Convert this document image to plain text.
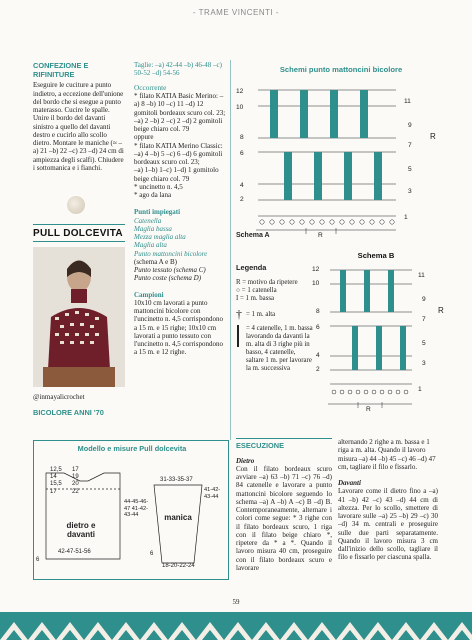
- TRAME VINCENTI -
CONFEZIONE E RIFINITURE

Eseguire le cuciture a punto indietro, a eccezione dell'unione del bordo che si esegue a punto materasso. Cucire le spalle. Unire il bordo del davanti sinistro a quello del davanti destro e cucirlo allo scollo dietro. Montare le maniche (≈ –a) 21 –b) 22 –c) 23 –d) 24 cm di ampiezza degli scalfi). Chiudere i sottomanica e i fianchi.

PULL DOLCEVITA
@inmayalicrochet
BICOLORE ANNI '70

Taglie: –a) 42-44 –b) 46-48 –c) 50-52 –d) 54-56

Occorrente

* filato KATIA Basic Merino: –a) 8 –b) 10 –c) 11 –d) 12 gomitoli bordeaux scuro col. 23;

–a) 2 –b) 2 –c) 2 –d) 2 gomitoli beige chiaro col. 79

oppure

* filato KATIA Merino Classic: –a) 4 –b) 5 –c) 6 –d) 6 gomitoli bordeaux scuro col. 23;

–a) 1–b) 1–c) 1–d) 1 gomitolo beige chiaro col. 79

* uncinetto n. 4,5

* ago da lana

Punti impiegati

Catenella

Maglia bassa

Mezza maglia alta

Maglia alta

Punto mattoncini bicolore

(schema A e B)

Punto tessuto (schema C)

Punto coste (schema D)

Campioni

10x10 cm lavorati a punto mattoncini bicolore con l'uncinetto n. 4,5 corrispondono a 15 m. e 15 righe; 10x10 cm lavorati a punto tessuto con l'uncinetto n. 4,5 corrispondono a 15 m. e 12 righe.

Schemi punto mattoncini bicolore
12
10
8
6
4
2
11
9
7
5
3
1
R
R
Schema A
Legenda
R = motivo da ripetere
○ = 1 catenella
I = 1 m. bassa
† = 1 m. alta
= 4 catenelle, 1 m. bassa lavorando da davanti la m. alta di 3 righe più in basso, 4 catenelle, saltare 1 m. per lavorare la m. successiva
Schema B
12
10
8
6
4
2
11
9
7
5
3
1
R
R
Modello e misure Pull dolcevita
12,5
14
15,5
17
17
19
20
22
44-45-46-47 41-42-43-44
dietro e davanti
42-47-51-56
6
31-33-35-37
manica
41-42-43-44
18-20-22-24
6
ESECUZIONE

Dietro

Con il filato bordeaux scuro avviare –a) 63 –b) 71 –c) 76 –d) 84 catenelle e lavorare a punto mattoncini bicolore seguendo lo schema –a) A –b) A –c) B –d) B. Contemporaneamente, alternare i colori come segue: * 3 righe con il filato bordeaux scuro, 1 riga con il filato beige chiaro *, ripetere da * a *. Quando il lavoro misura 40 cm, proseguire con il filato bordeaux scuro e lavorare

alternando 2 righe a m. bassa e 1 riga a m. alta. Quando il lavoro misura –a) 44 –b) 45 –c) 46 –d) 47 cm, tagliare il filo e fissarlo.

Davanti

Lavorare come il dietro fino a –a) 41 –b) 42 –c) 43 –d) 44 cm di altezza. Per lo scollo, smettere di lavorare sulle –a) 25 –b) 29 –c) 30 –d) 34 m. centrali e proseguire sulle due parti separatamente. Quando il lavoro misura 3 cm dall'inizio dello scollo, tagliare il filo e fissarlo per ciascuna spalla.

59
